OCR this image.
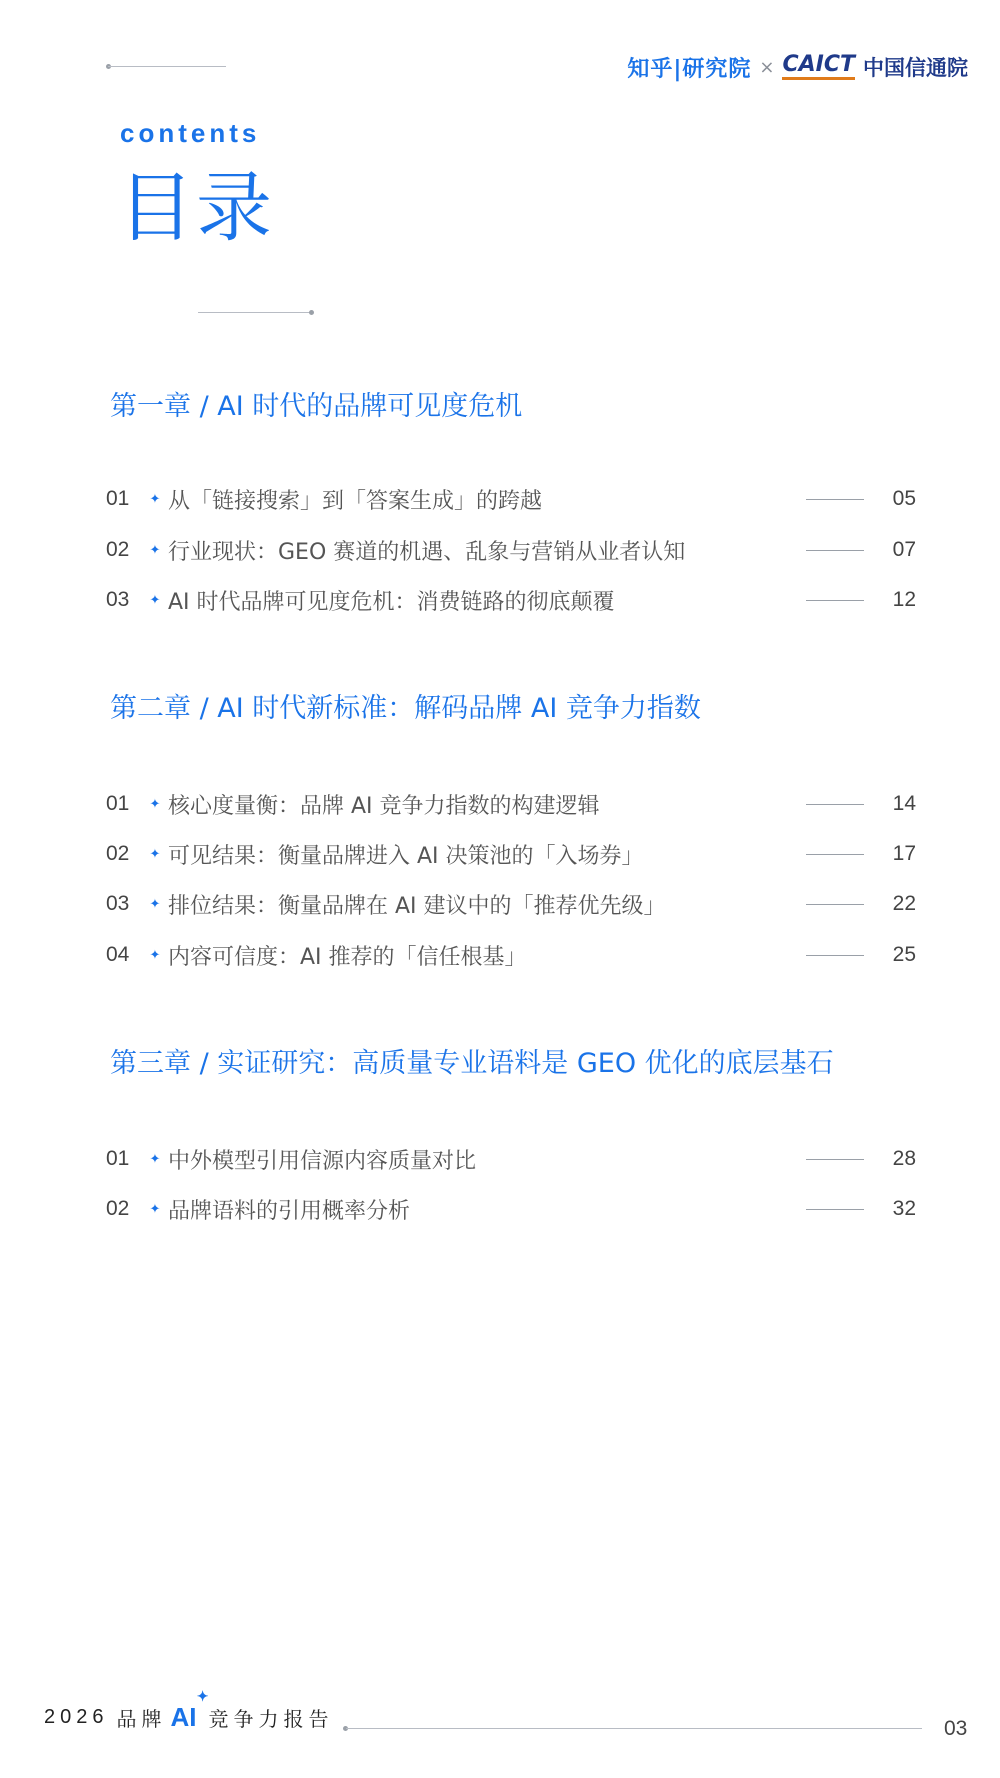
知乎|研究院 × CAICT 中国信通院
contents
目录
第一章 / AI 时代的品牌可见度危机
01	✦ 从「链接搜索」到「答案生成」的跨越	05
02	✦ 行业现状：GEO 赛道的机遇、乱象与营销从业者认知	07
03	✦ AI 时代品牌可见度危机：消费链路的彻底颠覆	12
第二章 / AI 时代新标准：解码品牌 AI 竞争力指数
01	✦ 核心度量衡：品牌 AI 竞争力指数的构建逻辑	14
02	✦ 可见结果：衡量品牌进入 AI 决策池的「入场券」	17
03	✦ 排位结果：衡量品牌在 AI 建议中的「推荐优先级」	22
04	✦ 内容可信度：AI 推荐的「信任根基」	25
第三章 / 实证研究：高质量专业语料是 GEO 优化的底层基石
01	✦ 中外模型引用信源内容质量对比	28
02	✦ 品牌语料的引用概率分析	32
2026 品牌 AI
✦
竞争力报告	03
